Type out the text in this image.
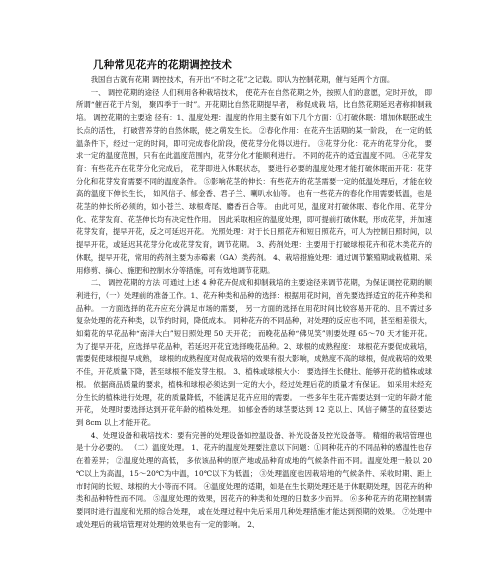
几种常见花卉的花期调控技术

我国自古就有花期 调控技术，有开出“不时之花”之记载。即认为控制花期，催与延两个方面。

一、 调控花期的途径 人们利用各种栽培技术， 使花卉在自然花期之外，按照人们的意愿，定时开放， 即所谓“催百花于片刻， 聚四季于一时”。开花期比自然花期提早者， 称促成栽 培，比自然花期延迟者称抑制栽培。 调控花期的主要途 径有：1、温度处理：温度的作用主要有如下几个方面：①打破休眠：增加休眠胚或生长点的活性， 打破营养芽的自然休眠，使之萌发生长。 ②春化作用：在花卉生活期的某一阶段， 在一定的低温条件下，经过一定的时间，即可完成春化阶段，使花芽分化得以进行。 ③花芽分化：花卉的花芽分化， 要求一定的温度范围，只有在此温度范围内，花芽分化才能顺利进行。 不同的花卉的适宜温度不同。 ④花芽发育：有些花卉在花芽分化完成后， 花芽即进入休眠状态， 要进行必要的温度处理才能打破休眠而开花：花芽分化和花芽发育需要不同的温度条件。 ⑤影响花茎的伸长：有些花卉的花茎需要一定的低温处理后，才能在较高的温度下伸长生长， 如风信子、郁金香、君子兰、喇叭水仙等。 也有一些花卉的春化作用需要低温，也是花茎的伸长所必须的，如小苍兰、球根鸢尾、麝香百合等。 由此可见，温度对打破休眠、春化作用、花芽分化、花芽发育、花茎伸长均有决定性作用。 因此采取相应的温度处理，即可提前打破休眠，形成花芽，并加速花芽发育，提早开花，反之可延迟开花。 光照处理：对于长日照花卉和短日照花卉，可人为控制日照时间，以提早开花，或延迟其花芽分化或花芽发育，调节花期。 3、药剂处理：主要用于打破球根花卉和花木类花卉的休眠，提早开花，常用的药剂主要为赤霉素（GA）类药剂。 4、栽培措施处理：通过调节繁殖期或栽植期、采用修剪、摘心、施肥和控制水分等措施，可有效地调节花期。

二、 调控花期的方法 可通过上述 4 种花卉促成和抑制栽培的主要途径来调节花期，为保证调控花期的顺利进行，（一）处理前的准备工作。1、花卉种类和品种的选择：根据用花时间，首先要选择适宜的花卉种类和品种。 一方面选择的花卉应充分满足市场的需要， 另一方面的选择在用花时间比较容易开花的、且不需过多复杂处理的花卉种类，以节约时间，降低成本。 同种花卉的不同品种，对处理的反应也不同，甚至相差很大， 如菊花的早花品种“南洋大白”短日照处理 50 天开花； 而晚花品种“佛见笑”则要处理 65～70 天才能开花。 为了提早开花，应选择早花品种，若延迟开花宜选择晚花品种。2、球根的成熟程度： 球根花卉要促成栽培，需要促使球根提早成熟， 球根的成熟程度对促成栽培的效果有很大影响，成熟度不高的球根，促成栽培的效果不佳，开花质量下降，甚至球根不能发芽生根。 3、植株或球根大小： 要选择生长健壮、能够开花的植株或球根。 依据商品质量的要求，植株和球根必须达到一定的大小，经过处理后花的质量才有保证。 如采用未经充分生长的植株进行处理，花的质量降低，不能满足花卉应用的需要。 一些多年生花卉需要达到一定的年龄才能开花， 处理时要选择达到开花年龄的植株处理。 如郁金香的球茎要达到 12 克以上、风信子鳞茎的直径要达到 8cm 以上才能开花。

4、处理设备和栽培技术：要有完善的处理设备如控温设备、补光设备及控光设备等。 精细的栽培管理也是十分必要的。 （二）温度处理。 1、花卉的温度处理要注意以下问题：①同种花卉的不同品种的感温性也存在着差异； ②温度处理的高低， 多依该品种的原产地或品种育成地的气候条件而不同。温度处理一般以 20 ℃以上为高温，15～20℃为中温，10℃以下为低温； ③处理温度也因栽培地的气候条件、采收时期、距上市时间的长短、球根的大小等而不同。 ④温度处理的适期，如是在生长期处理还是于休眠期处理，因花卉的种类和品种特性而不同。 ⑤温度处理的效果，因花卉的种类和处理的日数多少而异。 ⑥多种花卉的花期控制需要同时进行温度和光照的综合处理， 或在处理过程中先后采用几种处理措施才能达到预期的效果。 ⑦处理中或处理后的栽培管理对处理的效果也有一定的影响。 2、
